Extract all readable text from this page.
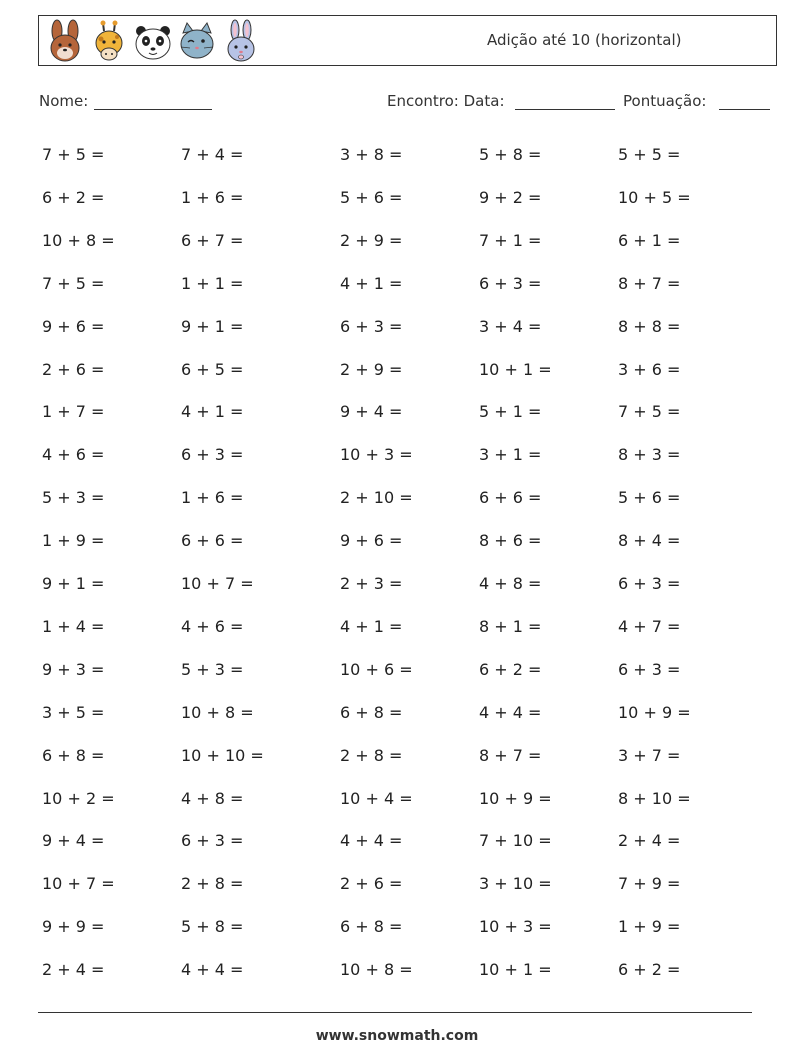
Adição até 10 (horizontal)
Nome:	Encontro: Data:	Pontuação:
7 + 5 =	7 + 4 =	3 + 8 =	5 + 8 =	5 + 5 =
6 + 2 =	1 + 6 =	5 + 6 =	9 + 2 =	10 + 5 =
10 + 8 =	6 + 7 =	2 + 9 =	7 + 1 =	6 + 1 =
7 + 5 =	1 + 1 =	4 + 1 =	6 + 3 =	8 + 7 =
9 + 6 =	9 + 1 =	6 + 3 =	3 + 4 =	8 + 8 =
2 + 6 =	6 + 5 =	2 + 9 =	10 + 1 =	3 + 6 =
1 + 7 =	4 + 1 =	9 + 4 =	5 + 1 =	7 + 5 =
4 + 6 =	6 + 3 =	10 + 3 =	3 + 1 =	8 + 3 =
5 + 3 =	1 + 6 =	2 + 10 =	6 + 6 =	5 + 6 =
1 + 9 =	6 + 6 =	9 + 6 =	8 + 6 =	8 + 4 =
9 + 1 =	10 + 7 =	2 + 3 =	4 + 8 =	6 + 3 =
1 + 4 =	4 + 6 =	4 + 1 =	8 + 1 =	4 + 7 =
9 + 3 =	5 + 3 =	10 + 6 =	6 + 2 =	6 + 3 =
3 + 5 =	10 + 8 =	6 + 8 =	4 + 4 =	10 + 9 =
6 + 8 =	10 + 10 =	2 + 8 =	8 + 7 =	3 + 7 =
10 + 2 =	4 + 8 =	10 + 4 =	10 + 9 =	8 + 10 =
9 + 4 =	6 + 3 =	4 + 4 =	7 + 10 =	2 + 4 =
10 + 7 =	2 + 8 =	2 + 6 =	3 + 10 =	7 + 9 =
9 + 9 =	5 + 8 =	6 + 8 =	10 + 3 =	1 + 9 =
2 + 4 =	4 + 4 =	10 + 8 =	10 + 1 =	6 + 2 =
www.snowmath.com
